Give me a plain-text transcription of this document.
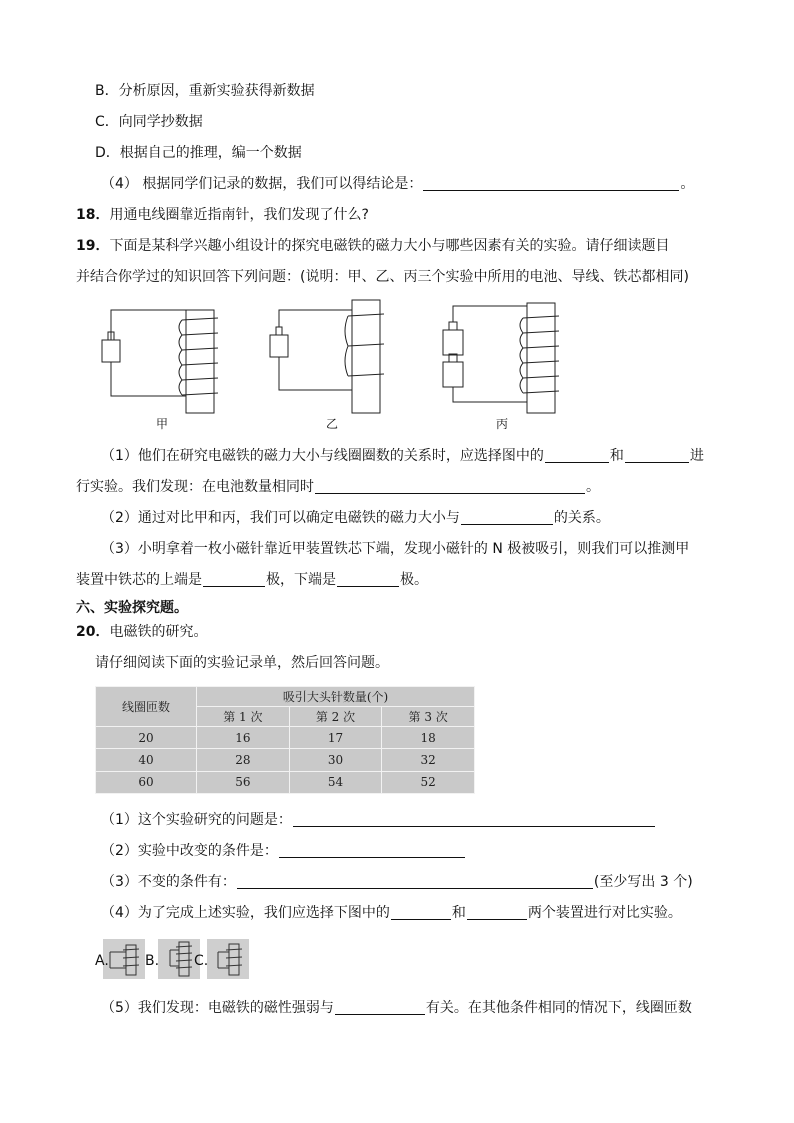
B．分析原因，重新实验获得新数据
C．向同学抄数据
D．根据自己的推理，编一个数据
（4） 根据同学们记录的数据，我们可以得结论是：	。
18．用通电线圈靠近指南针，我们发现了什么?
19．下面是某科学兴趣小组设计的探究电磁铁的磁力大小与哪些因素有关的实验。请仔细读题目
并结合你学过的知识回答下列问题：(说明：甲、乙、丙三个实验中所用的电池、导线、铁芯都相同)
甲	乙	丙
（1）他们在研究电磁铁的磁力大小与线圈圈数的关系时，应选择图中的	和	进
行实验。我们发现：在电池数量相同时	。
（2）通过对比甲和丙，我们可以确定电磁铁的磁力大小与	的关系。
（3）小明拿着一枚小磁针靠近甲装置铁芯下端，发现小磁针的 N 极被吸引，则我们可以推测甲
装置中铁芯的上端是	极，下端是	极。
六、实验探究题。
20．电磁铁的研究。
请仔细阅读下面的实验记录单，然后回答问题。
线圈匝数	吸引大头针数量(个)		
	第 1 次	第 2 次	第 3 次
20	16	17	18
40	28	30	32
60	56	54	52
（1）这个实验研究的问题是：
（2）实验中改变的条件是：
（3）不变的条件有：	(至少写出 3 个)
（4）为了完成上述实验，我们应选择下图中的	和	两个装置进行对比实验。
A.	B. C.
（5）我们发现：电磁铁的磁性强弱与	有关。在其他条件相同的情况下，线圈匝数
